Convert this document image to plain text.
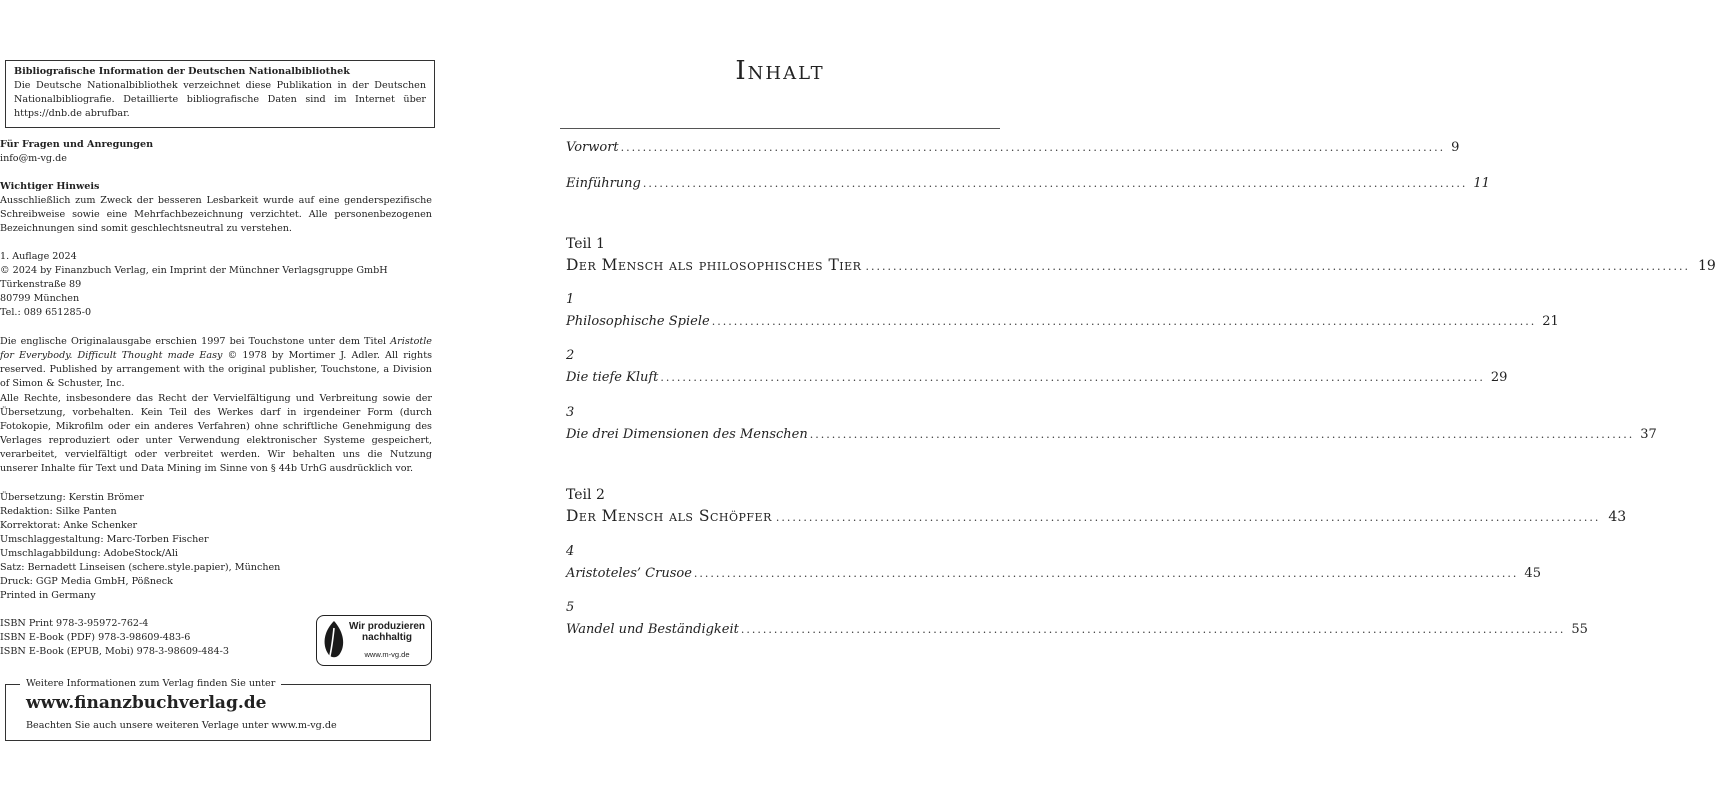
Bibliografische Information der Deutschen Nationalbibliothek
Die Deutsche Nationalbibliothek verzeichnet diese Publikation in der Deutschen Nationalbibliografie. Detaillierte bibliografische Daten sind im Internet über https://dnb.de abrufbar.
Für Fragen und Anregungen
info@m-vg.de
Wichtiger Hinweis
Ausschließlich zum Zweck der besseren Lesbarkeit wurde auf eine genderspezifische Schreibweise sowie eine Mehrfachbezeichnung verzichtet. Alle personenbezogenen Bezeichnungen sind somit geschlechtsneutral zu verstehen.
1. Auflage 2024
© 2024 by Finanzbuch Verlag, ein Imprint der Münchner Verlagsgruppe GmbH
Türkenstraße 89
80799 München
Tel.: 089 651285-0
Die englische Originalausgabe erschien 1997 bei Touchstone unter dem Titel Aristotle for Everybody. Difficult Thought made Easy © 1978 by Mortimer J. Adler. All rights reserved. Published by arrangement with the original publisher, Touchstone, a Division of Simon & Schuster, Inc.
Alle Rechte, insbesondere das Recht der Vervielfältigung und Verbreitung sowie der Übersetzung, vorbehalten. Kein Teil des Werkes darf in irgendeiner Form (durch Fotokopie, Mikrofilm oder ein anderes Verfahren) ohne schriftliche Genehmigung des Verlages reproduziert oder unter Verwendung elektronischer Systeme gespeichert, verarbeitet, vervielfältigt oder verbreitet werden. Wir behalten uns die Nutzung unserer Inhalte für Text und Data Mining im Sinne von § 44b UrhG ausdrücklich vor.
Übersetzung: Kerstin Brömer
Redaktion: Silke Panten
Korrektorat: Anke Schenker
Umschlaggestaltung: Marc-Torben Fischer
Umschlagabbildung: AdobeStock/Ali
Satz: Bernadett Linseisen (schere.style.papier), München
Druck: GGP Media GmbH, Pößneck
Printed in Germany
ISBN Print 978-3-95972-762-4
ISBN E-Book (PDF) 978-3-98609-483-6
ISBN E-Book (EPUB, Mobi) 978-3-98609-484-3
Wir produzieren
nachhaltig
www.m-vg.de
Weitere Informationen zum Verlag finden Sie unter
www.finanzbuchverlag.de
Beachten Sie auch unsere weiteren Verlage unter www.m-vg.de
Inhalt
Vorwort ...................................................................................................................................................... 9
Einführung ...................................................................................................................................................... 11
Teil 1
Der Mensch als philosophisches Tier ...................................................................................................................................................... 19
1
Philosophische Spiele ...................................................................................................................................................... 21
2
Die tiefe Kluft ...................................................................................................................................................... 29
3
Die drei Dimensionen des Menschen ...................................................................................................................................................... 37
Teil 2
Der Mensch als Schöpfer ...................................................................................................................................................... 43
4
Aristoteles’ Crusoe ...................................................................................................................................................... 45
5
Wandel und Beständigkeit ...................................................................................................................................................... 55
